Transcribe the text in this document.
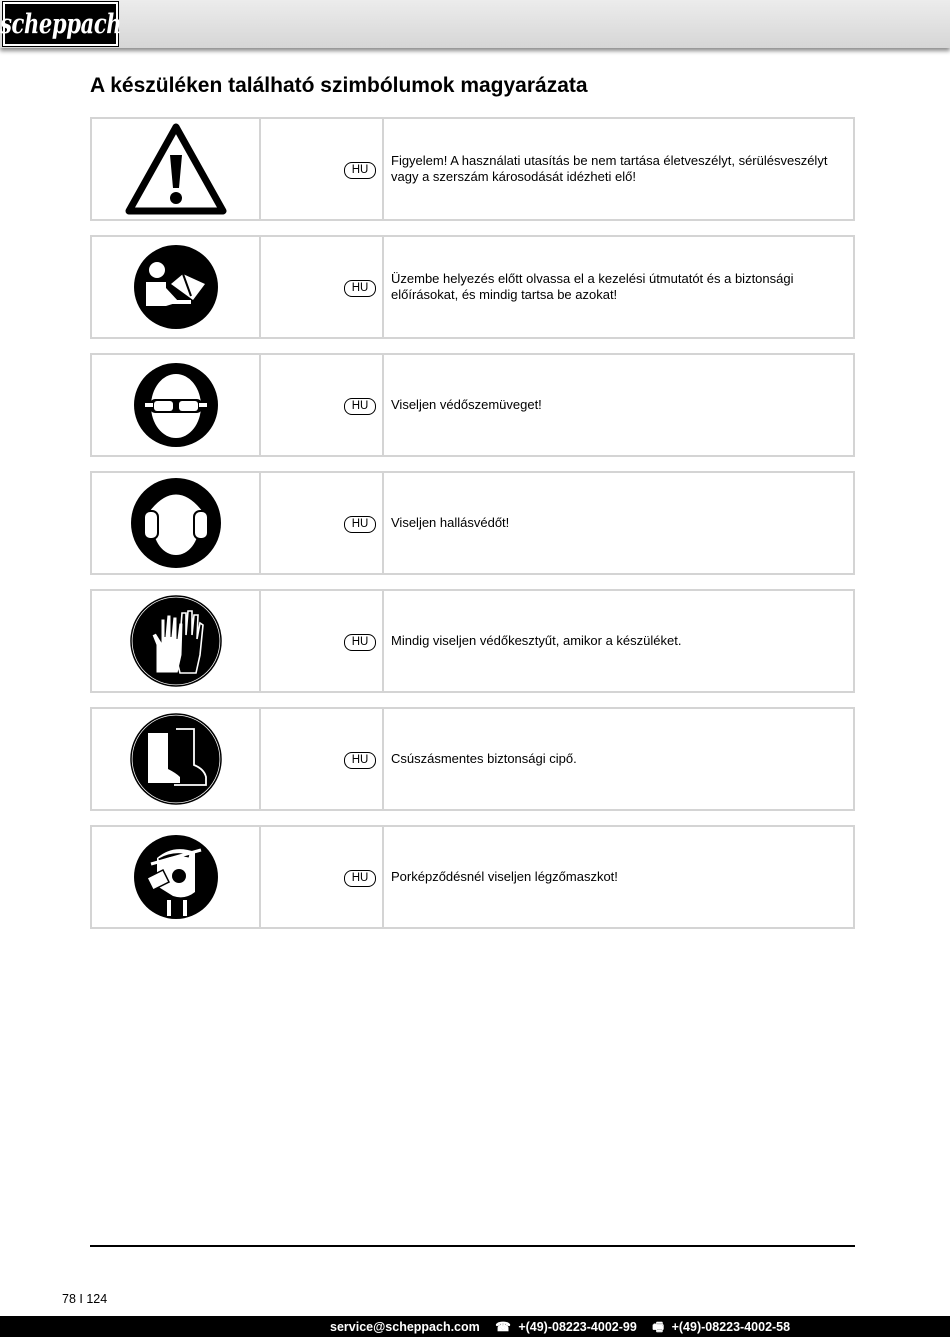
scheppach
A készüléken található szimbólumok magyarázata
HU
Figyelem! A használati utasítás be nem tartása életveszélyt, sérülésveszélyt vagy a szerszám károsodását idézheti elő!
HU
Üzembe helyezés előtt olvassa el a kezelési útmutatót és a biztonsági előírásokat, és mindig tartsa be azokat!
HU	Viseljen védőszemüveget!
HU	Viseljen hallásvédőt!
HU	Mindig viseljen védőkesztyűt, amikor a készüléket.
HU	Csúszásmentes biztonsági cipő.
HU	Porképződésnél viseljen légzőmaszkot!
78 I 124
service@scheppach.com ☎ +(49)-08223-4002-99 🖷 +(49)-08223-4002-58
